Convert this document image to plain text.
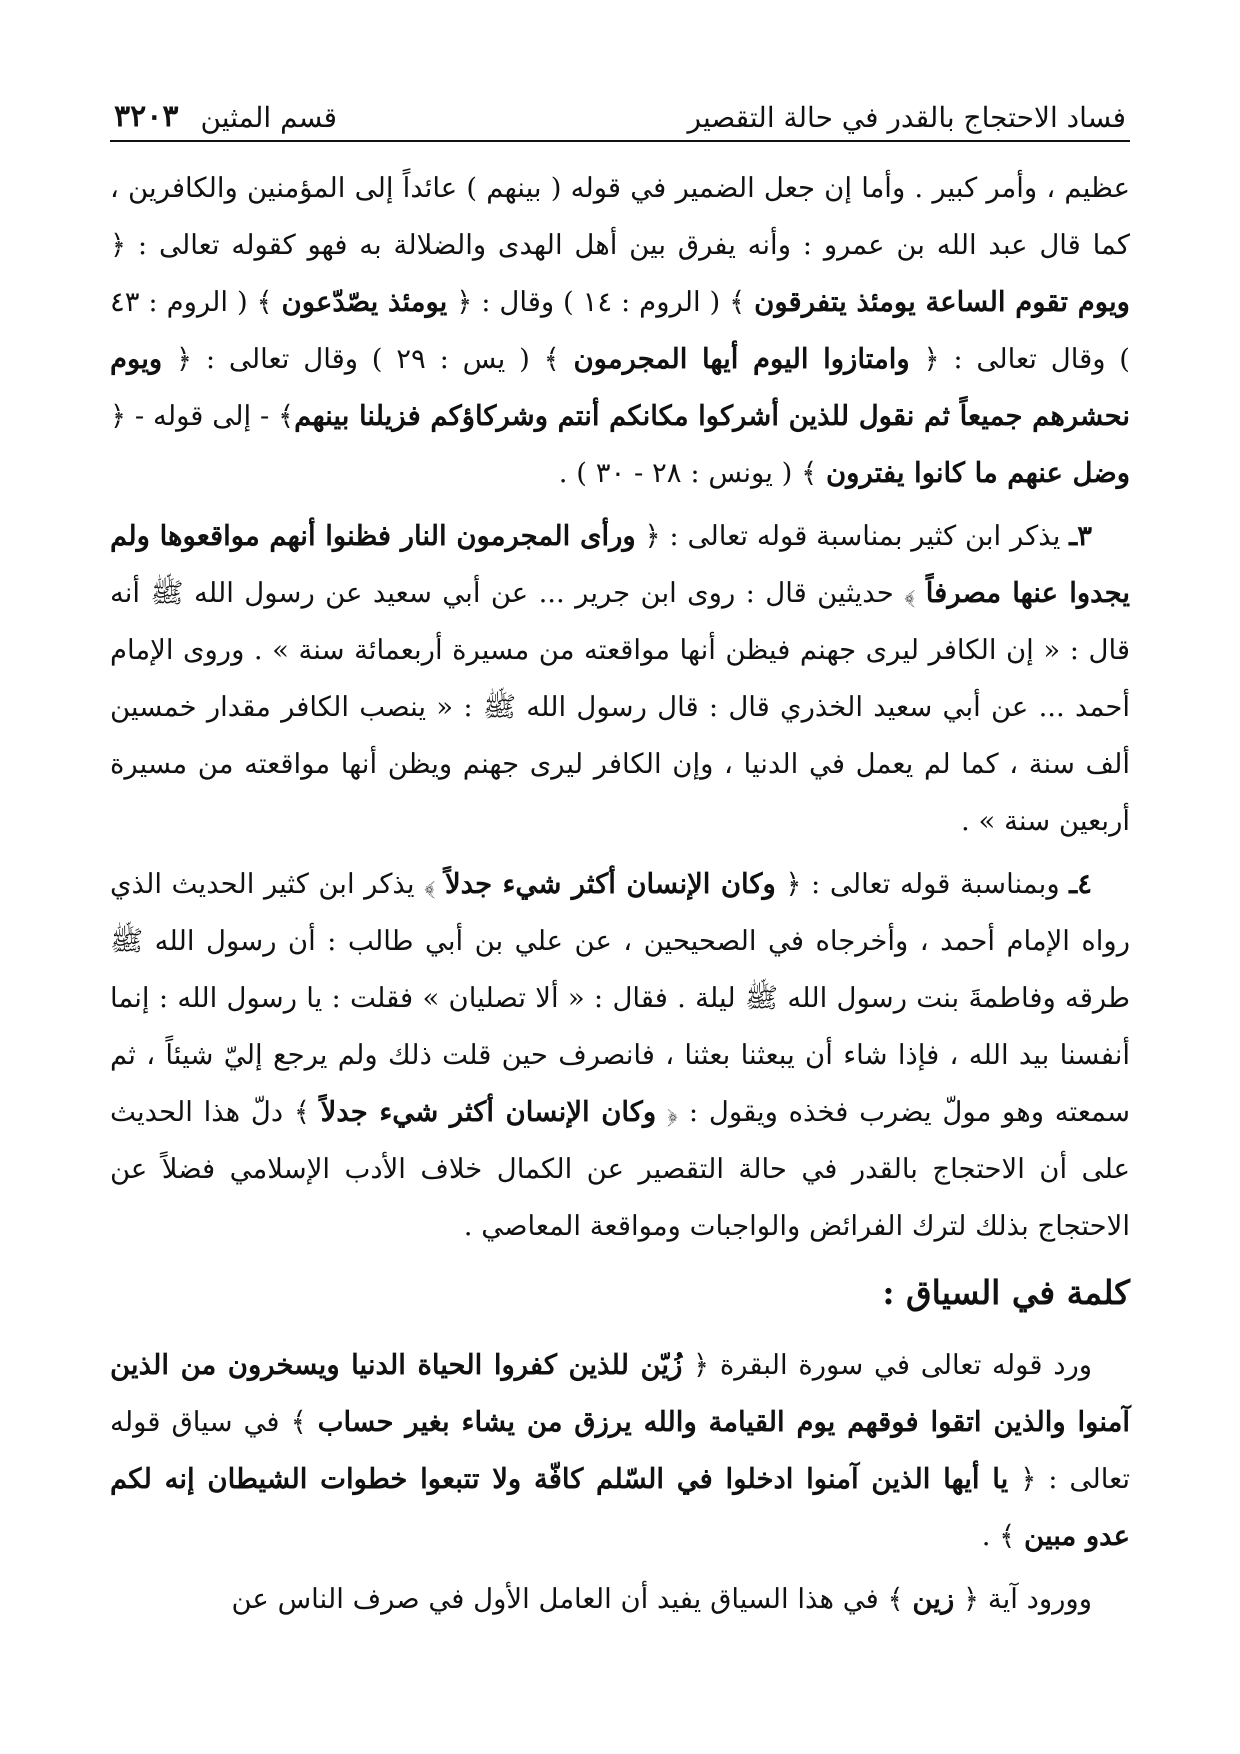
فساد الاحتجاج بالقدر في حالة التقصير
قسم المثين
٣٢٠٣

عظيم ، وأمر كبير . وأما إن جعل الضمير في قوله ( بينهم ) عائداً إلى المؤمنين والكافرين ، كما قال عبد الله بن عمرو : وأنه يفرق بين أهل الهدى والضلالة به فهو كقوله تعالى : ﴿ ويوم تقوم الساعة يومئذ يتفرقون ﴾ ( الروم : ١٤ ) وقال : ﴿ يومئذ يصّدّعون ﴾ ( الروم : ٤٣ ) وقال تعالى : ﴿ وامتازوا اليوم أيها المجرمون ﴾ ( يس : ٢٩ ) وقال تعالى : ﴿ ويوم نحشرهم جميعاً ثم نقول للذين أشركوا مكانكم أنتم وشركاؤكم فزيلنا بينهم﴾ - إلى قوله - ﴿ وضل عنهم ما كانوا يفترون ﴾ ( يونس : ٢٨ - ٣٠ ) .

٣ـ يذكر ابن كثير بمناسبة قوله تعالى : ﴿ ورأى المجرمون النار فظنوا أنهم مواقعوها ولم يجدوا عنها مصرفاً ﴾ حديثين قال : روى ابن جرير ... عن أبي سعيد عن رسول الله ﷺ أنه قال : « إن الكافر ليرى جهنم فيظن أنها مواقعته من مسيرة أربعمائة سنة » . وروى الإمام أحمد ... عن أبي سعيد الخذري قال : قال رسول الله ﷺ : « ينصب الكافر مقدار خمسين ألف سنة ، كما لم يعمل في الدنيا ، وإن الكافر ليرى جهنم ويظن أنها مواقعته من مسيرة أربعين سنة » .

٤ـ وبمناسبة قوله تعالى : ﴿ وكان الإنسان أكثر شيء جدلاً ﴾ يذكر ابن كثير الحديث الذي رواه الإمام أحمد ، وأخرجاه في الصحيحين ، عن علي بن أبي طالب : أن رسول الله ﷺ طرقه وفاطمةَ بنت رسول الله ﷺ ليلة . فقال : « ألا تصليان » فقلت : يا رسول الله : إنما أنفسنا بيد الله ، فإذا شاء أن يبعثنا بعثنا ، فانصرف حين قلت ذلك ولم يرجع إليّ شيئاً ، ثم سمعته وهو مولّ يضرب فخذه ويقول : ﴿ وكان الإنسان أكثر شيء جدلاً ﴾ دلّ هذا الحديث على أن الاحتجاج بالقدر في حالة التقصير عن الكمال خلاف الأدب الإسلامي فضلاً عن الاحتجاج بذلك لترك الفرائض والواجبات ومواقعة المعاصي .

كلمة في السياق :

ورد قوله تعالى في سورة البقرة ﴿ زُيّن للذين كفروا الحياة الدنيا ويسخرون من الذين آمنوا والذين اتقوا فوقهم يوم القيامة والله يرزق من يشاء بغير حساب ﴾ في سياق قوله تعالى : ﴿ يا أيها الذين آمنوا ادخلوا في السّلم كافّة ولا تتبعوا خطوات الشيطان إنه لكم عدو مبين ﴾ .

وورود آية ﴿ زين ﴾ في هذا السياق يفيد أن العامل الأول في صرف الناس عن
